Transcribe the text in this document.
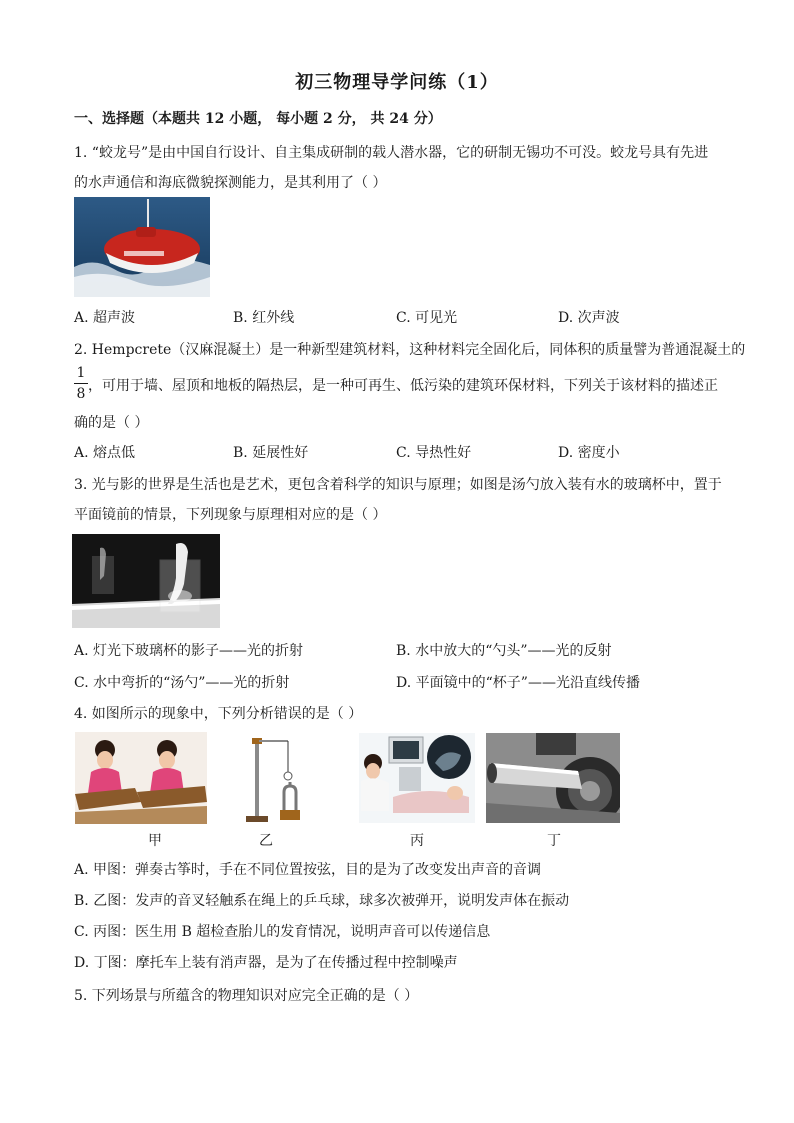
初三物理导学问练（1）
一、选择题（本题共 12 小题， 每小题 2 分， 共 24 分）
1. “蛟龙号”是由中国自行设计、自主集成研制的载人潜水器，它的研制无锡功不可没。蛟龙号具有先进
的水声通信和海底微貌探测能力，是其利用了（ ）
A. 超声波	B. 红外线	C. 可见光	D. 次声波
2. Hempcrete（汉麻混凝土）是一种新型建筑材料，这种材料完全固化后，同体积的质量譬为普通混凝土的
1
8 ，可用于墙、屋顶和地板的隔热层，是一种可再生、低污染的建筑环保材料，下列关于该材料的描述正
确的是（ ）
A. 熔点低	B. 延展性好	C. 导热性好	D. 密度小
3. 光与影的世界是生活也是艺术，更包含着科学的知识与原理；如图是汤勺放入装有水的玻璃杯中，置于
平面镜前的情景，下列现象与原理相对应的是（ ）
A. 灯光下玻璃杯的影子——光的折射	B. 水中放大的“勺头”——光的反射
C. 水中弯折的“汤勺”——光的折射	D. 平面镜中的“杯子”——光沿直线传播
4. 如图所示的现象中，下列分析错误的是（ ）
甲	乙	丙	丁
A. 甲图：弹奏古筝时，手在不同位置按弦，目的是为了改变发出声音的音调
B. 乙图：发声的音叉轻触系在绳上的乒乓球，球多次被弹开，说明发声体在振动
C. 丙图：医生用 B 超检查胎儿的发育情况，说明声音可以传递信息
D. 丁图：摩托车上装有消声器，是为了在传播过程中控制噪声
5. 下列场景与所蕴含的物理知识对应完全正确的是（ ）
